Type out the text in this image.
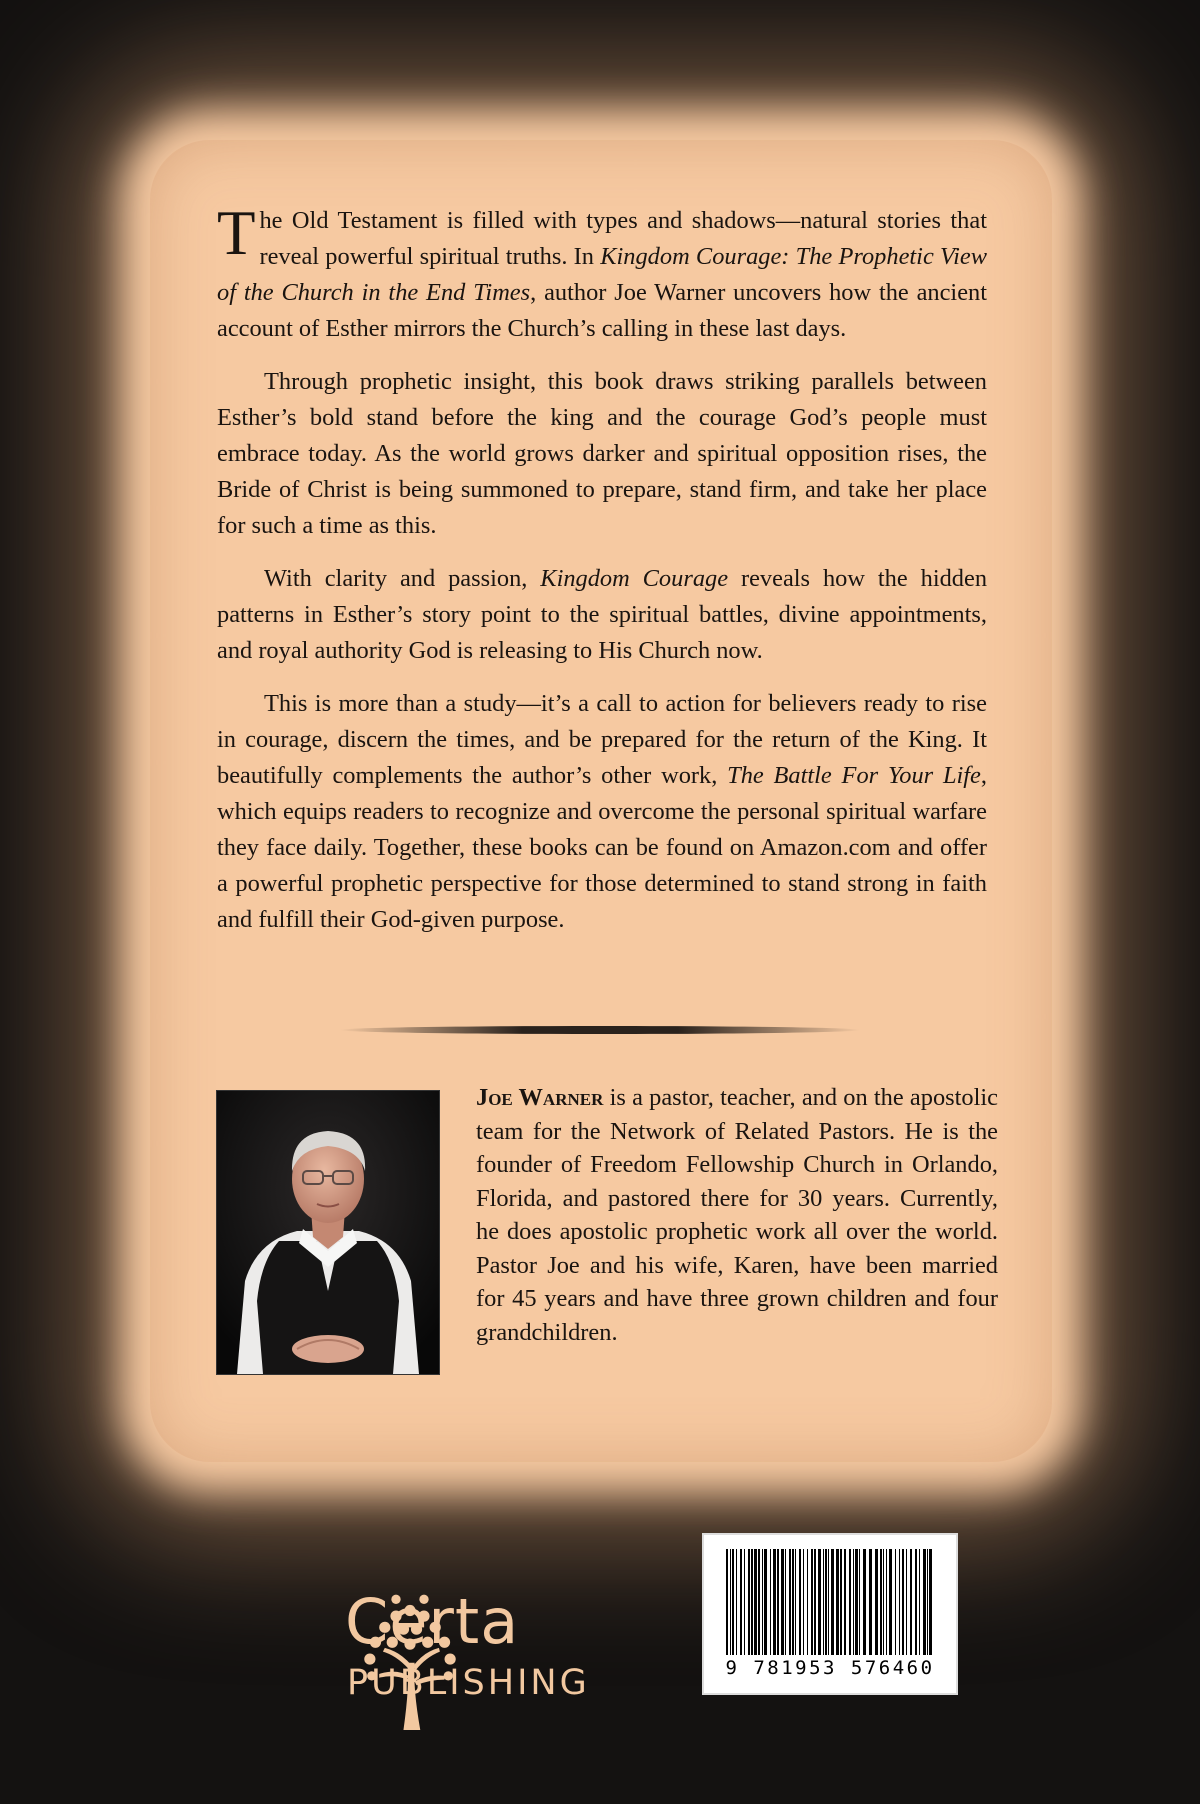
The Old Testament is filled with types and shadows—natural stories that reveal powerful spiritual truths. In Kingdom Courage: The Prophetic View of the Church in the End Times, author Joe Warner uncovers how the ancient account of Esther mirrors the Church’s calling in these last days.

Through prophetic insight, this book draws striking parallels between Esther’s bold stand before the king and the courage God’s people must embrace today. As the world grows darker and spiritual opposition rises, the Bride of Christ is being summoned to prepare, stand firm, and take her place for such a time as this.

With clarity and passion, Kingdom Courage reveals how the hidden patterns in Esther’s story point to the spiritual battles, divine appointments, and royal authority God is releasing to His Church now.

This is more than a study—it’s a call to action for believers ready to rise in courage, discern the times, and be prepared for the return of the King. It beautifully complements the author’s other work, The Battle For Your Life, which equips readers to recognize and overcome the personal spiritual warfare they face daily. Together, these books can be found on Amazon.com and offer a powerful prophetic perspective for those determined to stand strong in faith and fulfill their God-given purpose.

Joe Warner is a pastor, teacher, and on the apostolic team for the Network of Related Pastors. He is the founder of Freedom Fellowship Church in Orlando, Florida, and pastored there for 30 years. Currently, he does apostolic prophetic work all over the world. Pastor Joe and his wife, Karen, have been married for 45 years and have three grown children and four grandchildren.

Certa
PUBLISHING	9 781953 576460
